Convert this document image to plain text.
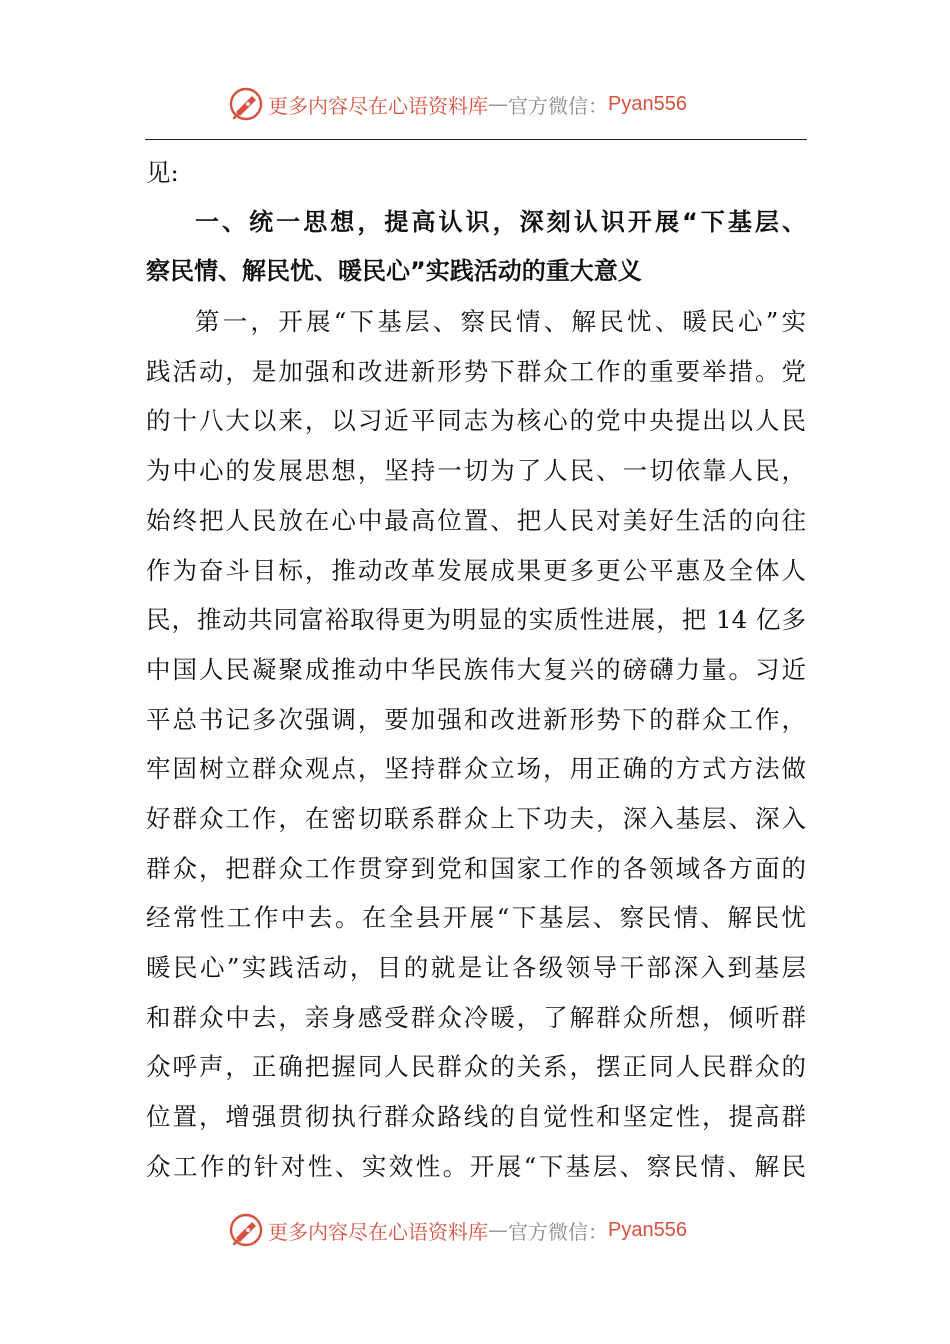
更多内容尽在心语资料库 — 官方微信： Pyan556
见:
一、统一思想，提高认识，深刻认识开展“下基层、
察民情、解民忧、暖民心”实践活动的重大意义
第一，开展“下基层、察民情、解民忧、暖民心”实
践活动，是加强和改进新形势下群众工作的重要举措。党
的十八大以来，以习近平同志为核心的党中央提出以人民
为中心的发展思想，坚持一切为了人民、一切依靠人民，
始终把人民放在心中最高位置、把人民对美好生活的向往
作为奋斗目标，推动改革发展成果更多更公平惠及全体人
民，推动共同富裕取得更为明显的实质性进展，把 14 亿多
中国人民凝聚成推动中华民族伟大复兴的磅礴力量。习近
平总书记多次强调，要加强和改进新形势下的群众工作，
牢固树立群众观点，坚持群众立场，用正确的方式方法做
好群众工作，在密切联系群众上下功夫，深入基层、深入
群众，把群众工作贯穿到党和国家工作的各领域各方面的
经常性工作中去。在全县开展“下基层、察民情、解民忧
暖民心”实践活动，目的就是让各级领导干部深入到基层
和群众中去，亲身感受群众冷暖，了解群众所想，倾听群
众呼声，正确把握同人民群众的关系，摆正同人民群众的
位置，增强贯彻执行群众路线的自觉性和坚定性，提高群
众工作的针对性、实效性。开展“下基层、察民情、解民
更多内容尽在心语资料库 — 官方微信： Pyan556
